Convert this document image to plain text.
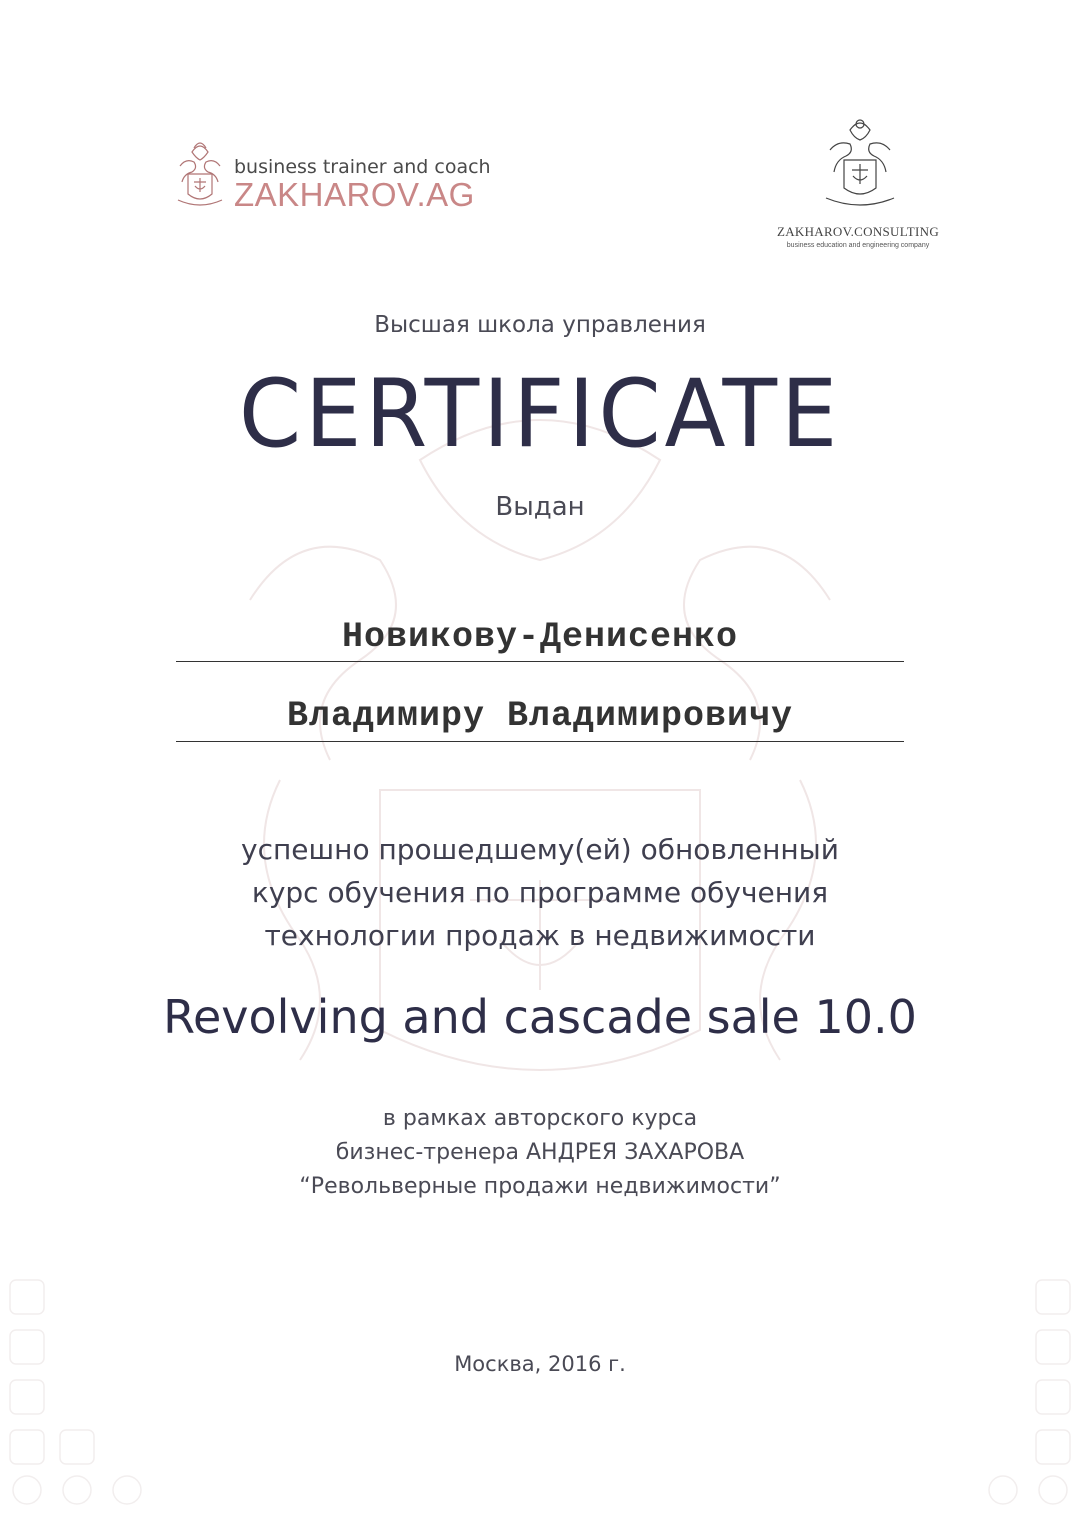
business trainer and coach
ZAKHAROV.AG
ZAKHAROV.CONSULTING
business education and engineering company
Высшая школа управления
CERTIFICATE
Выдан
Новикову-Денисенко
Владимиру Владимировичу
успешно прошедшему(ей) обновленный
курс обучения по программе обучения
технологии продаж в недвижимости
Revolving and cascade sale 10.0
в рамках авторского курса
бизнес-тренера АНДРЕЯ ЗАХАРОВА
“Револьверные продажи недвижимости”
Москва, 2016 г.
